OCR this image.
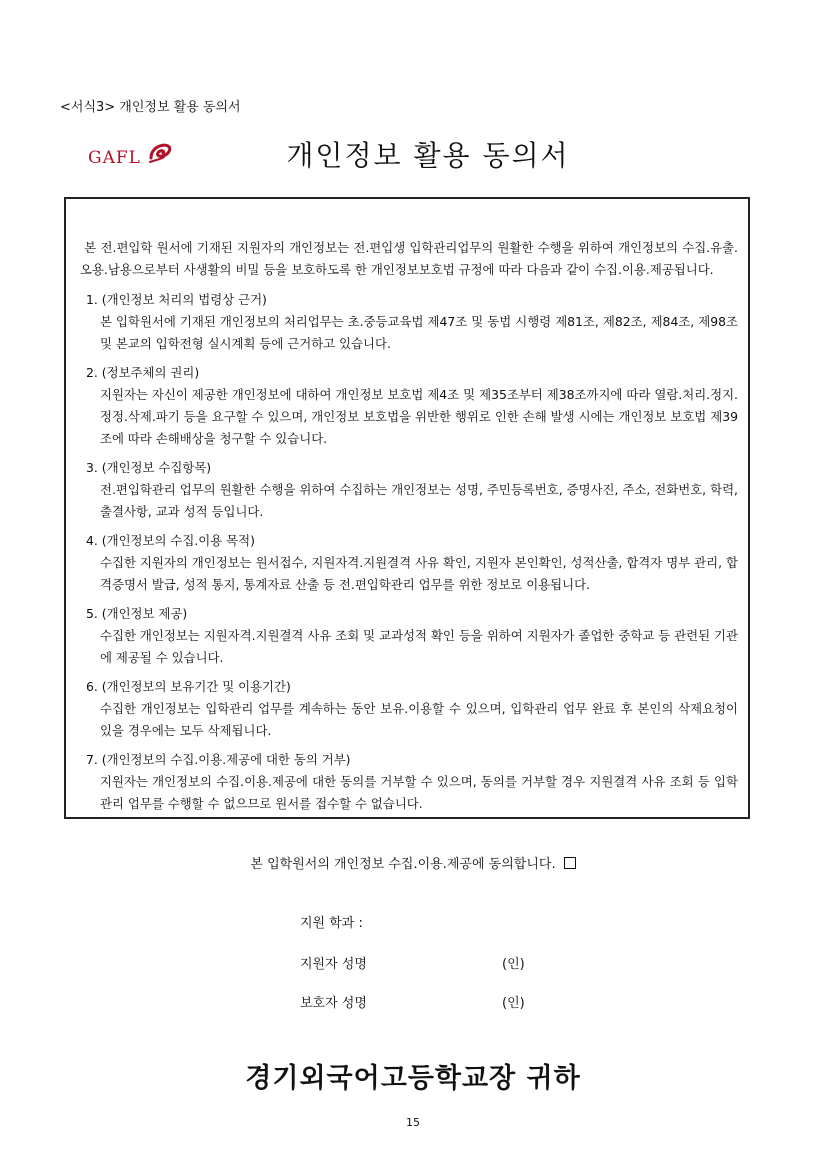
<서식3> 개인정보 활용 동의서
GAFL	개인정보 활용 동의서

본 전.편입학 원서에 기재된 지원자의 개인정보는 전.편입생 입학관리업무의 원활한 수행을 위하여 개인정보의 수집.유출.오용.남용으로부터 사생활의 비밀 등을 보호하도록 한 개인정보보호법 규정에 따라 다음과 같이 수집.이용.제공됩니다.

1. (개인정보 처리의 법령상 근거)
본 입학원서에 기재된 개인정보의 처리업무는 초.중등교육법 제47조 및 동법 시행령 제81조, 제82조, 제84조, 제98조 및 본교의 입학전형 실시계획 등에 근거하고 있습니다.
2. (정보주체의 권리)
지원자는 자신이 제공한 개인정보에 대하여 개인정보 보호법 제4조 및 제35조부터 제38조까지에 따라 열람.처리.정지.정정.삭제.파기 등을 요구할 수 있으며, 개인정보 보호법을 위반한 행위로 인한 손해 발생 시에는 개인정보 보호법 제39조에 따라 손해배상을 청구할 수 있습니다.
3. (개인정보 수집항목)
전.편입학관리 업무의 원활한 수행을 위하여 수집하는 개인정보는 성명, 주민등록번호, 증명사진, 주소, 전화번호, 학력, 출결사항, 교과 성적 등입니다.
4. (개인정보의 수집.이용 목적)
수집한 지원자의 개인정보는 원서접수, 지원자격.지원결격 사유 확인, 지원자 본인확인, 성적산출, 합격자 명부 관리, 합격증명서 발급, 성적 통지, 통계자료 산출 등 전.편입학관리 업무를 위한 정보로 이용됩니다.
5. (개인정보 제공)
수집한 개인정보는 지원자격.지원결격 사유 조회 및 교과성적 확인 등을 위하여 지원자가 졸업한 중학교 등 관련된 기관에 제공될 수 있습니다.
6. (개인정보의 보유기간 및 이용기간)
수집한 개인정보는 입학관리 업무를 계속하는 동안 보유.이용할 수 있으며, 입학관리 업무 완료 후 본인의 삭제요청이 있을 경우에는 모두 삭제됩니다.
7. (개인정보의 수집.이용.제공에 대한 동의 거부)
지원자는 개인정보의 수집.이용.제공에 대한 동의를 거부할 수 있으며, 동의를 거부할 경우 지원결격 사유 조회 등 입학관리 업무를 수행할 수 없으므로 원서를 접수할 수 없습니다.
본 입학원서의 개인정보 수집.이용.제공에 동의합니다.
지원 학과 :
지원자 성명	(인)
보호자 성명	(인)
경기외국어고등학교장 귀하
15
